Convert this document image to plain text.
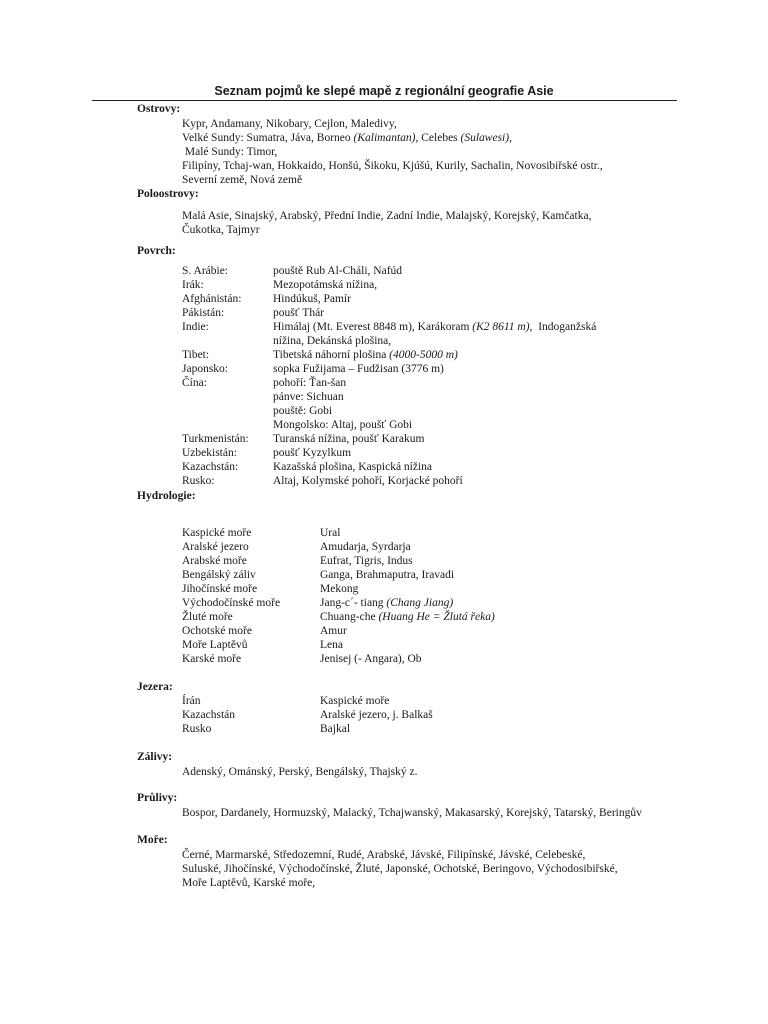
Seznam pojmů ke slepé mapě z regionální geografie Asie
Ostrovy:
Kypr, Andamany, Nikobary, Cejlon, Maledivy,
Velké Sundy: Sumatra, Jáva, Borneo (Kalimantan), Celebes (Sulawesi),
Malé Sundy: Timor,
Filipíny, Tchaj-wan, Hokkaido, Honšú, Šikoku, Kjúšú, Kurily, Sachalin, Novosibiřské ostr.,
Severní země, Nová země
Poloostrovy:
Malá Asie, Sinajský, Arabský, Přední Indie, Zadní Indie, Malajský, Korejský, Kamčatka,
Čukotka, Tajmyr
Povrch:
S. Arábie:	pouště Rub Al-Cháli, Nafúd
Irák:	Mezopotámská nížina,
Afghánistán:	Hindúkuš, Pamír
Pákistán:	poušť Thár
Indie:	Himálaj (Mt. Everest 8848 m), Karákoram (K2 8611 m),  Indoganžská
nížina, Dekánská plošina,
Tibet:	Tibetská náhorní plošina (4000-5000 m)
Japonsko:	sopka Fužijama – Fudžisan (3776 m)
Čína:	pohoří: Ťan-šan
pánve: Sichuan
pouště: Gobi
Mongolsko: Altaj, poušť Gobi
Turkmenistán: Turanská nížina, poušť Karakum
Uzbekistán:	poušť Kyzylkum
Kazachstán:	Kazašská plošina, Kaspická nížina
Rusko:	Altaj, Kolymské pohoří, Korjacké pohoří
Hydrologie:
Kaspické moře	Ural
Aralské jezero	Amudarja, Syrdarja
Arabské moře	Eufrat, Tigris, Indus
Bengálský záliv	Ganga, Brahmaputra, Iravadi
Jihočínské moře	Mekong
Východočínské moře	Jang-c´- tiang (Chang Jiang)
Žluté moře	Chuang-che (Huang He = Žlutá řeka)
Ochotské moře	Amur
Moře Laptěvů	Lena
Karské moře	Jenisej (- Angara), Ob
Jezera:
Írán	Kaspické moře
Kazachstán	Aralské jezero, j. Balkaš
Rusko	Bajkal
Zálivy:
Adenský, Ománský, Perský, Bengálský, Thajský z.
Průlivy:
Bospor, Dardanely, Hormuzský, Malacký, Tchajwanský, Makasarský, Korejský, Tatarský, Beringův
Moře:
Černé, Marmarské, Středozemní, Rudé, Arabské, Jávské, Filipínské, Jávské, Celebeské,
Suluské, Jihočínské, Východočínské, Žluté, Japonské, Ochotské, Beringovo, Východosibiřské,
Moře Laptěvů, Karské moře,
